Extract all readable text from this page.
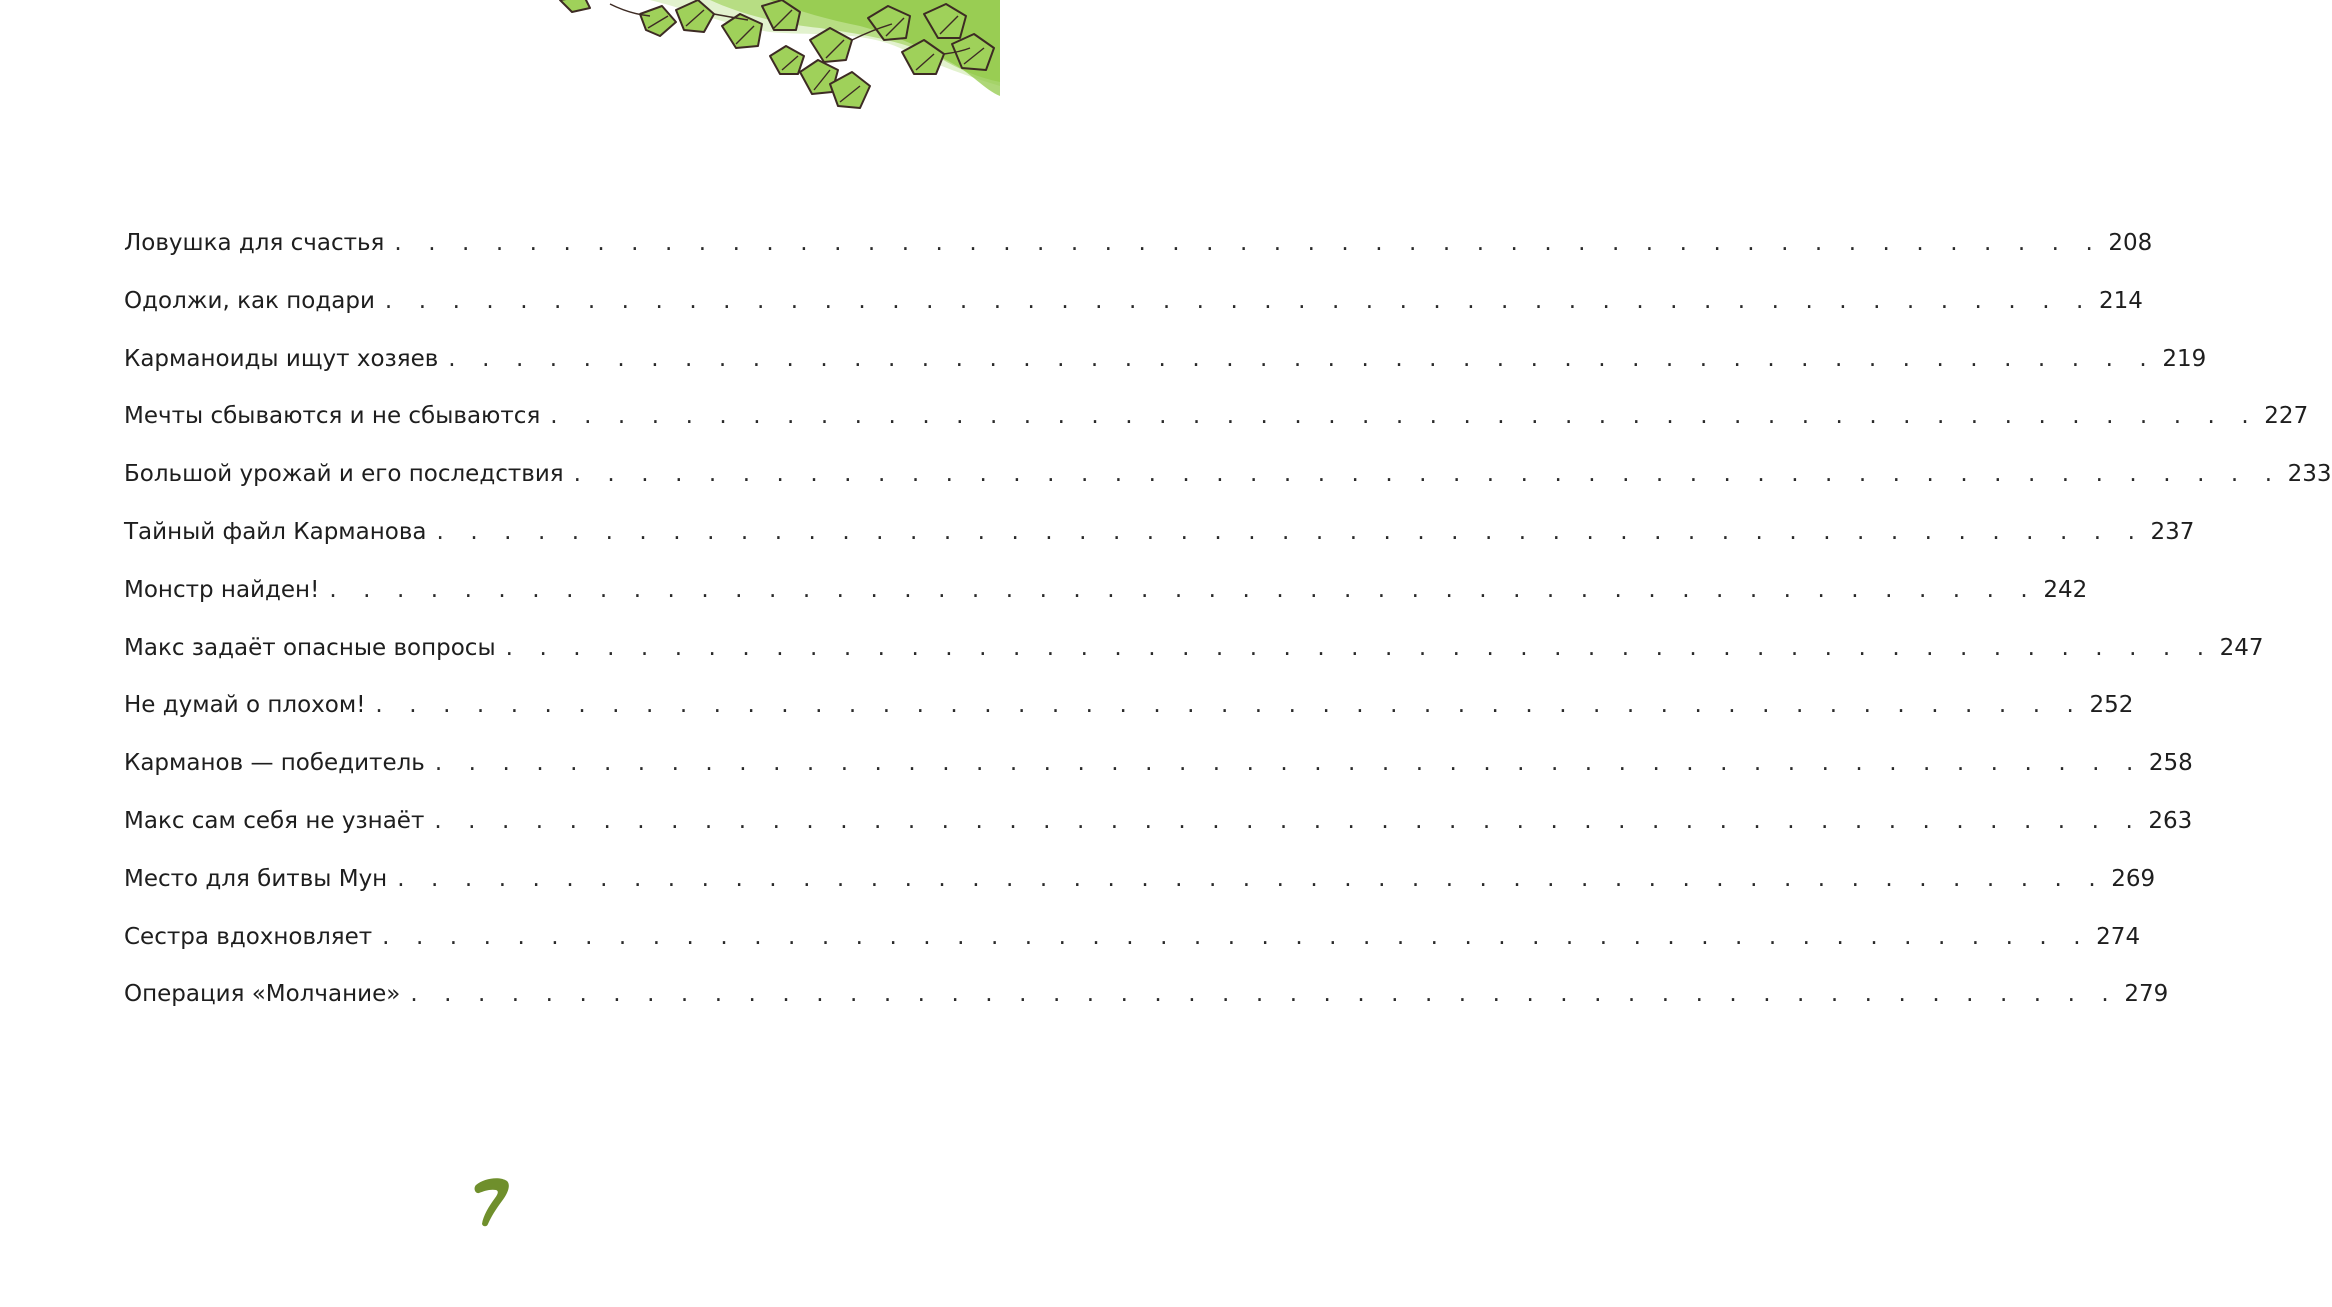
Ловушка для счастья . . . . . . . . . . . . . . . . . . . . . . . . . . . . . . . . . . . . . . . . . . . . . . . . . . . 208
Одолжи, как подари . . . . . . . . . . . . . . . . . . . . . . . . . . . . . . . . . . . . . . . . . . . . . . . . . . . 214
Карманоиды ищут хозяев . . . . . . . . . . . . . . . . . . . . . . . . . . . . . . . . . . . . . . . . . . . . . . . . . . . 219
Мечты сбываются и не сбываются . . . . . . . . . . . . . . . . . . . . . . . . . . . . . . . . . . . . . . . . . . . . . . . . . . . 227
Большой урожай и его последствия . . . . . . . . . . . . . . . . . . . . . . . . . . . . . . . . . . . . . . . . . . . . . . . . . . . 233
Тайный файл Карманова . . . . . . . . . . . . . . . . . . . . . . . . . . . . . . . . . . . . . . . . . . . . . . . . . . . 237
Монстр найден! . . . . . . . . . . . . . . . . . . . . . . . . . . . . . . . . . . . . . . . . . . . . . . . . . . . 242
Макс задаёт опасные вопросы . . . . . . . . . . . . . . . . . . . . . . . . . . . . . . . . . . . . . . . . . . . . . . . . . . . 247
Не думай о плохом! . . . . . . . . . . . . . . . . . . . . . . . . . . . . . . . . . . . . . . . . . . . . . . . . . . . 252
Карманов — победитель . . . . . . . . . . . . . . . . . . . . . . . . . . . . . . . . . . . . . . . . . . . . . . . . . . . 258
Макс сам себя не узнаёт . . . . . . . . . . . . . . . . . . . . . . . . . . . . . . . . . . . . . . . . . . . . . . . . . . . 263
Место для битвы Мун . . . . . . . . . . . . . . . . . . . . . . . . . . . . . . . . . . . . . . . . . . . . . . . . . . . 269
Сестра вдохновляет . . . . . . . . . . . . . . . . . . . . . . . . . . . . . . . . . . . . . . . . . . . . . . . . . . . 274
Операция «Молчание» . . . . . . . . . . . . . . . . . . . . . . . . . . . . . . . . . . . . . . . . . . . . . . . . . . . 279
